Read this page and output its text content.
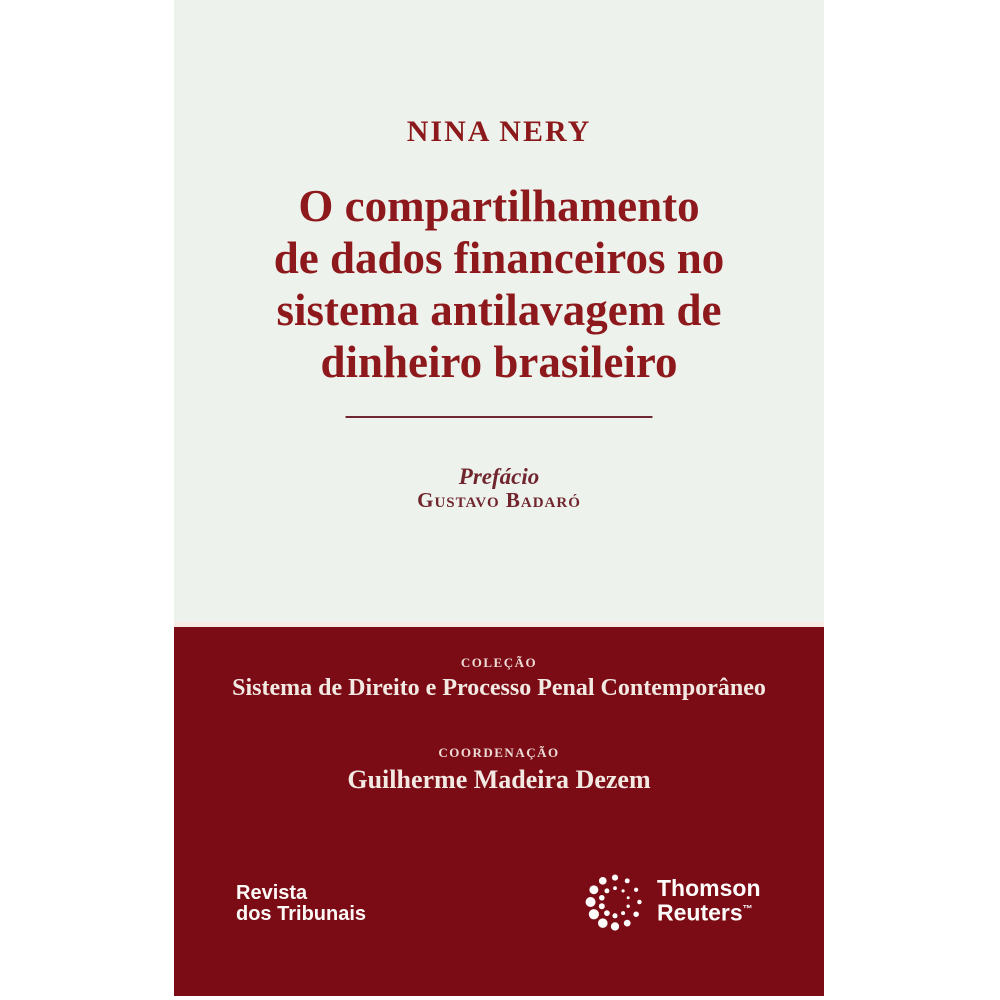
NINA NERY
O compartilhamento
de dados financeiros no
sistema antilavagem de
dinheiro brasileiro
Prefácio
Gustavo Badaró
COLEÇÃO
Sistema de Direito e Processo Penal Contemporâneo
COORDENAÇÃO
Guilherme Madeira Dezem
Revista
dos Tribunais
Thomson
Reuters™
